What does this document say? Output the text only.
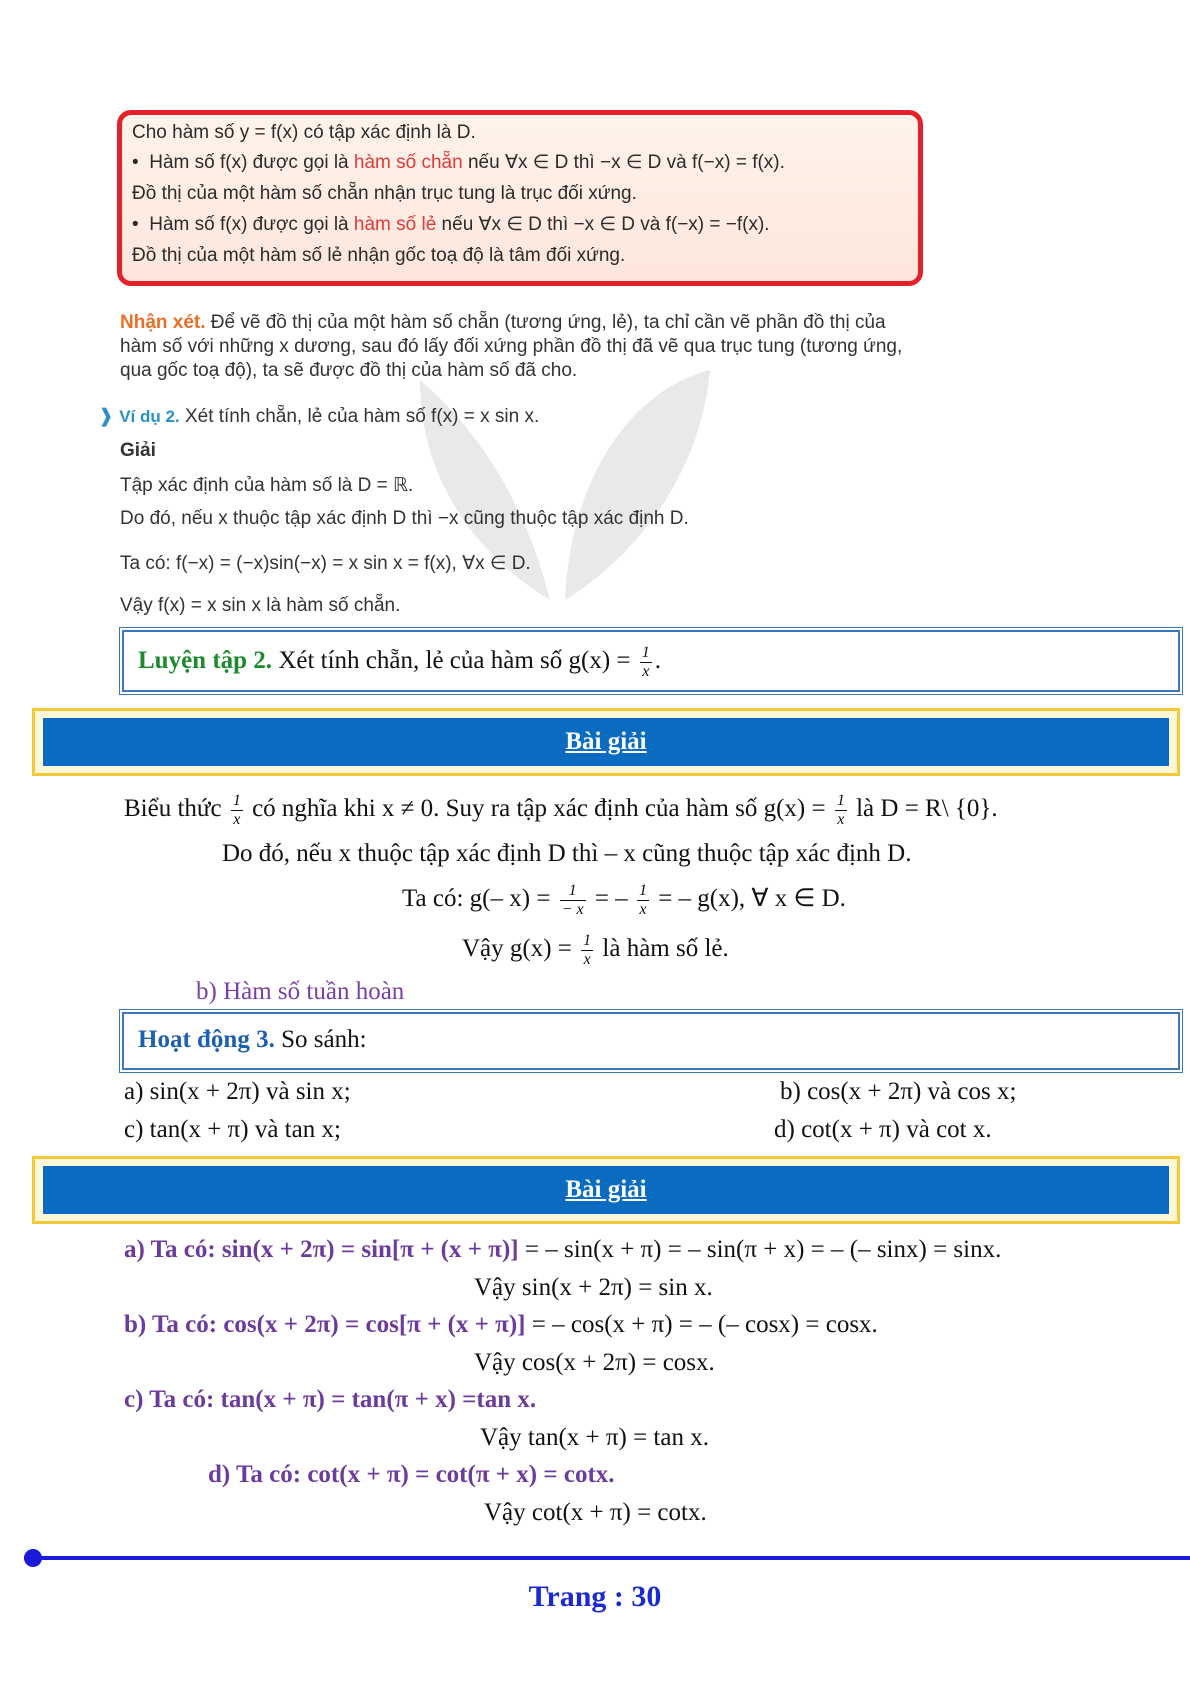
Cho hàm số y = f(x) có tập xác định là D.
•  Hàm số f(x) được gọi là hàm số chẵn nếu ∀x ∈ D thì −x ∈ D và f(−x) = f(x).
Đồ thị của một hàm số chẵn nhận trục tung là trục đối xứng.
•  Hàm số f(x) được gọi là hàm số lẻ nếu ∀x ∈ D thì −x ∈ D và f(−x) = −f(x).
Đồ thị của một hàm số lẻ nhận gốc toạ độ là tâm đối xứng.
Nhận xét. Để vẽ đồ thị của một hàm số chẵn (tương ứng, lẻ), ta chỉ cần vẽ phần đồ thị của
hàm số với những x dương, sau đó lấy đối xứng phần đồ thị đã vẽ qua trục tung (tương ứng,
qua gốc toạ độ), ta sẽ được đồ thị của hàm số đã cho.
❱ Ví dụ 2. Xét tính chẵn, lẻ của hàm số f(x) = x sin x.
Giải
Tập xác định của hàm số là D = ℝ.
Do đó, nếu x thuộc tập xác định D thì −x cũng thuộc tập xác định D.
Ta có: f(−x) = (−x)sin(−x) = x sin x = f(x), ∀x ∈ D.
Vậy f(x) = x sin x là hàm số chẵn.
Luyện tập 2. Xét tính chẵn, lẻ của hàm số $g(x) = \frac{1}{x}$ .
Bài giải
Biểu thức $\frac{1}{x}$ có nghĩa khi x ≠ 0. Suy ra tập xác định của hàm số $g(x) = \frac{1}{x}$ là D = R\ {0}.
Do đó, nếu x thuộc tập xác định D thì – x cũng thuộc tập xác định D.
Ta có: g(– $x) = \frac{1}{- x}$ = – $\frac{1}{x}$ = – g(x), ∀ x ∈ D.
Vậy $g(x) = \frac{1}{x}$ là hàm số lẻ.
b) Hàm số tuần hoàn
Hoạt động 3. So sánh:
a) sin(x + 2π) và sin x;	b) cos(x + 2π) và cos x;
c) tan(x + π) và tan x;	d) cot(x + π) và cot x.
Bài giải
a) Ta có: sin(x + 2π) = sin[π + (x + π)] = – sin(x + π) = – sin(π + x) = – (– sinx) = sinx.
Vậy sin(x + 2π) = sin x.
b) Ta có: cos(x + 2π) = cos[π + (x + π)] = – cos(x + π) = – (– cosx) = cosx.
Vậy cos(x + 2π) = cosx.
c) Ta có: tan(x + π) = tan(π + x) =tan x.
Vậy tan(x + π) = tan x.
d) Ta có: cot(x + π) = cot(π + x) = cotx.
Vậy cot(x + π) = cotx.
Trang : 30
